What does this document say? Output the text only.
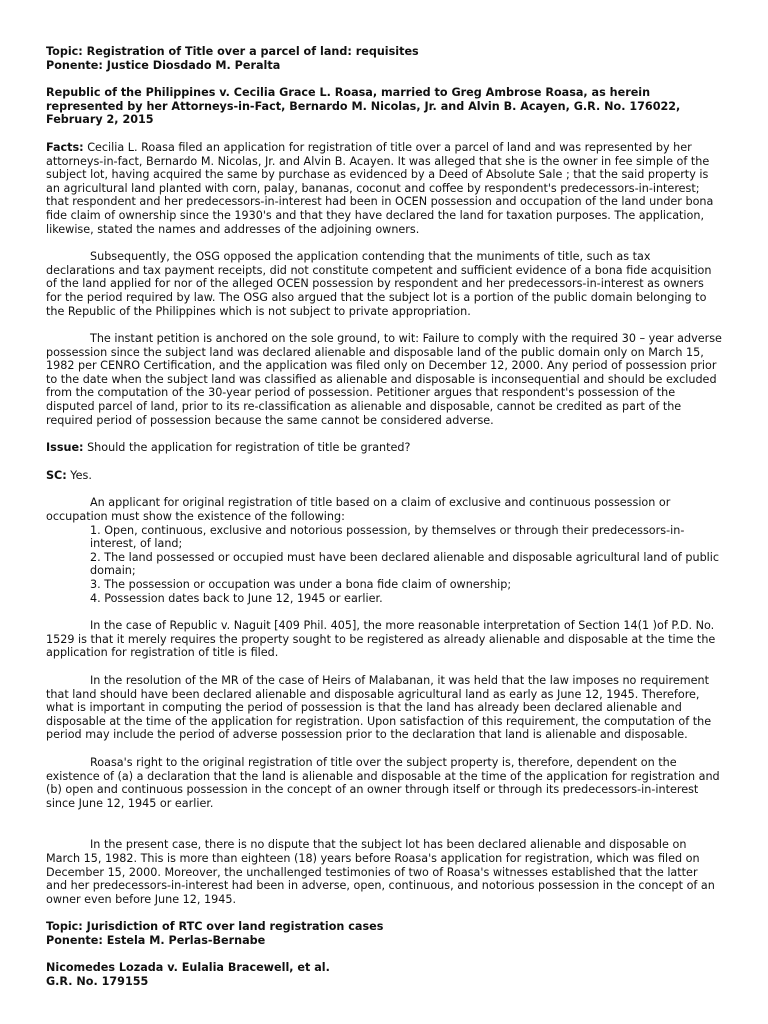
Topic: Registration of Title over a parcel of land: requisites
Ponente: Justice Diosdado M. Peralta
Republic of the Philippines v. Cecilia Grace L. Roasa, married to Greg Ambrose Roasa, as herein represented by her Attorneys-in-Fact, Bernardo M. Nicolas, Jr. and Alvin B. Acayen, G.R. No. 176022, February 2, 2015
Facts: Cecilia L. Roasa filed an application for registration of title over a parcel of land and was represented by her attorneys-in-fact, Bernardo M. Nicolas, Jr. and Alvin B. Acayen. It was alleged that she is the owner in fee simple of the subject lot, having acquired the same by purchase as evidenced by a Deed of Absolute Sale ; that the said property is an agricultural land planted with corn, palay, bananas, coconut and coffee by respondent's predecessors-in-interest; that respondent and her predecessors-in-interest had been in OCEN possession and occupation of the land under bona fide claim of ownership since the 1930's and that they have declared the land for taxation purposes. The application, likewise, stated the names and addresses of the adjoining owners.
Subsequently, the OSG opposed the application contending that the muniments of title, such as tax declarations and tax payment receipts, did not constitute competent and sufficient evidence of a bona fide acquisition of the land applied for nor of the alleged OCEN possession by respondent and her predecessors-in-interest as owners for the period required by law. The OSG also argued that the subject lot is a portion of the public domain belonging to the Republic of the Philippines which is not subject to private appropriation.
The instant petition is anchored on the sole ground, to wit: Failure to comply with the required 30 – year adverse possession since the subject land was declared alienable and disposable land of the public domain only on March 15, 1982 per CENRO Certification, and the application was filed only on December 12, 2000. Any period of possession prior to the date when the subject land was classified as alienable and disposable is inconsequential and should be excluded from the computation of the 30-year period of possession. Petitioner argues that respondent's possession of the disputed parcel of land, prior to its re-classification as alienable and disposable, cannot be credited as part of the required period of possession because the same cannot be considered adverse.
Issue: Should the application for registration of title be granted?
SC: Yes.
An applicant for original registration of title based on a claim of exclusive and continuous possession or occupation must show the existence of the following:
1. Open, continuous, exclusive and notorious possession, by themselves or through their predecessors-in-interest, of land;
2. The land possessed or occupied must have been declared alienable and disposable agricultural land of public domain;
3. The possession or occupation was under a bona fide claim of ownership;
4. Possession dates back to June 12, 1945 or earlier.
In the case of Republic v. Naguit [409 Phil. 405], the more reasonable interpretation of Section 14(1 )of P.D. No. 1529 is that it merely requires the property sought to be registered as already alienable and disposable at the time the application for registration of title is filed.
In the resolution of the MR of the case of Heirs of Malabanan, it was held that the law imposes no requirement that land should have been declared alienable and disposable agricultural land as early as June 12, 1945. Therefore, what is important in computing the period of possession is that the land has already been declared alienable and disposable at the time of the application for registration. Upon satisfaction of this requirement, the computation of the period may include the period of adverse possession prior to the declaration that land is alienable and disposable.
Roasa's right to the original registration of title over the subject property is, therefore, dependent on the existence of (a) a declaration that the land is alienable and disposable at the time of the application for registration and (b) open and continuous possession in the concept of an owner through itself or through its predecessors-in-interest since June 12, 1945 or earlier.
In the present case, there is no dispute that the subject lot has been declared alienable and disposable on March 15, 1982. This is more than eighteen (18) years before Roasa's application for registration, which was filed on December 15, 2000. Moreover, the unchallenged testimonies of two of Roasa's witnesses established that the latter and her predecessors-in-interest had been in adverse, open, continuous, and notorious possession in the concept of an owner even before June 12, 1945.
Topic: Jurisdiction of RTC over land registration cases
Ponente: Estela M. Perlas-Bernabe
Nicomedes Lozada v. Eulalia Bracewell, et al.
G.R. No. 179155
